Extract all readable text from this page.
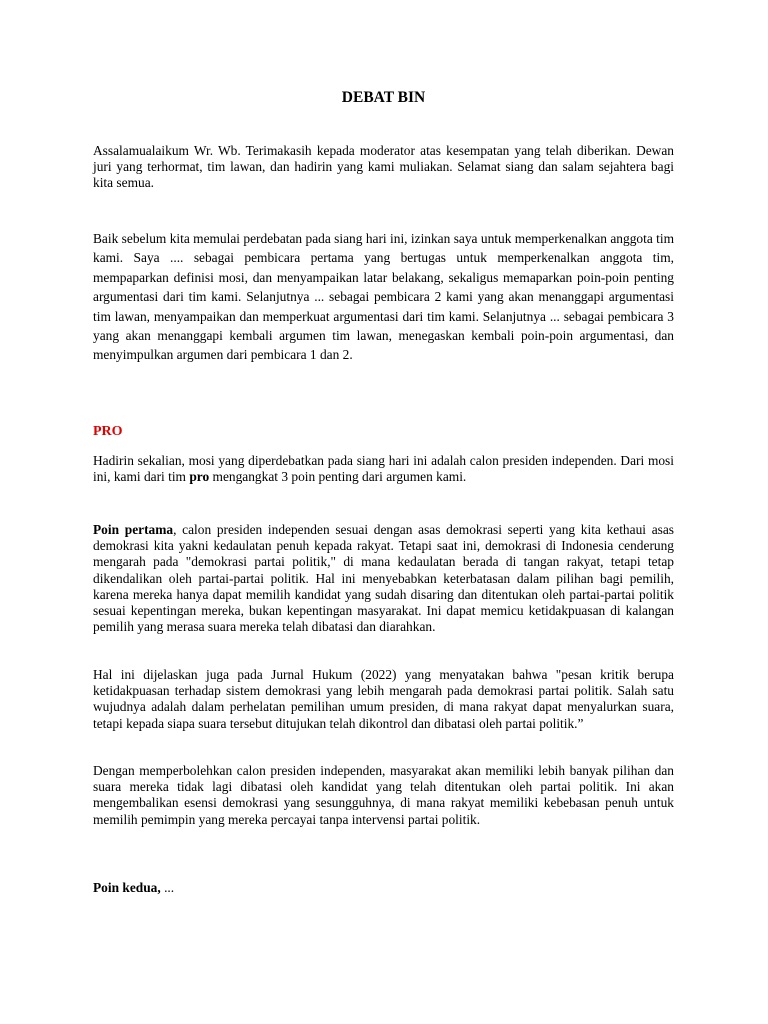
DEBAT BIN

Assalamualaikum Wr. Wb. Terimakasih kepada moderator atas kesempatan yang telah diberikan. Dewan juri yang terhormat, tim lawan, dan hadirin yang kami muliakan. Selamat siang dan salam sejahtera bagi kita semua.

Baik sebelum kita memulai perdebatan pada siang hari ini, izinkan saya untuk memperkenalkan anggota tim kami. Saya .... sebagai pembicara pertama yang bertugas untuk memperkenalkan anggota tim, mempaparkan definisi mosi, dan menyampaikan latar belakang, sekaligus memaparkan poin-poin penting argumentasi dari tim kami. Selanjutnya ... sebagai pembicara 2 kami yang akan menanggapi argumentasi tim lawan, menyampaikan dan memperkuat argumentasi dari tim kami. Selanjutnya ... sebagai pembicara 3 yang akan menanggapi kembali argumen tim lawan, menegaskan kembali poin-poin argumentasi, dan menyimpulkan argumen dari pembicara 1 dan 2.

PRO

Hadirin sekalian, mosi yang diperdebatkan pada siang hari ini adalah calon presiden independen. Dari mosi ini, kami dari tim pro mengangkat 3 poin penting dari argumen kami.

Poin pertama, calon presiden independen sesuai dengan asas demokrasi seperti yang kita kethaui asas demokrasi kita yakni kedaulatan penuh kepada rakyat. Tetapi saat ini, demokrasi di Indonesia cenderung mengarah pada "demokrasi partai politik," di mana kedaulatan berada di tangan rakyat, tetapi tetap dikendalikan oleh partai-partai politik. Hal ini menyebabkan keterbatasan dalam pilihan bagi pemilih, karena mereka hanya dapat memilih kandidat yang sudah disaring dan ditentukan oleh partai-partai politik sesuai kepentingan mereka, bukan kepentingan masyarakat. Ini dapat memicu ketidakpuasan di kalangan pemilih yang merasa suara mereka telah dibatasi dan diarahkan.

Hal ini dijelaskan juga pada Jurnal Hukum (2022) yang menyatakan bahwa "pesan kritik berupa ketidakpuasan terhadap sistem demokrasi yang lebih mengarah pada demokrasi partai politik. Salah satu wujudnya adalah dalam perhelatan pemilihan umum presiden, di mana rakyat dapat menyalurkan suara, tetapi kepada siapa suara tersebut ditujukan telah dikontrol dan dibatasi oleh partai politik.”

Dengan memperbolehkan calon presiden independen, masyarakat akan memiliki lebih banyak pilihan dan suara mereka tidak lagi dibatasi oleh kandidat yang telah ditentukan oleh partai politik. Ini akan mengembalikan esensi demokrasi yang sesungguhnya, di mana rakyat memiliki kebebasan penuh untuk memilih pemimpin yang mereka percayai tanpa intervensi partai politik.

Poin kedua, ...
